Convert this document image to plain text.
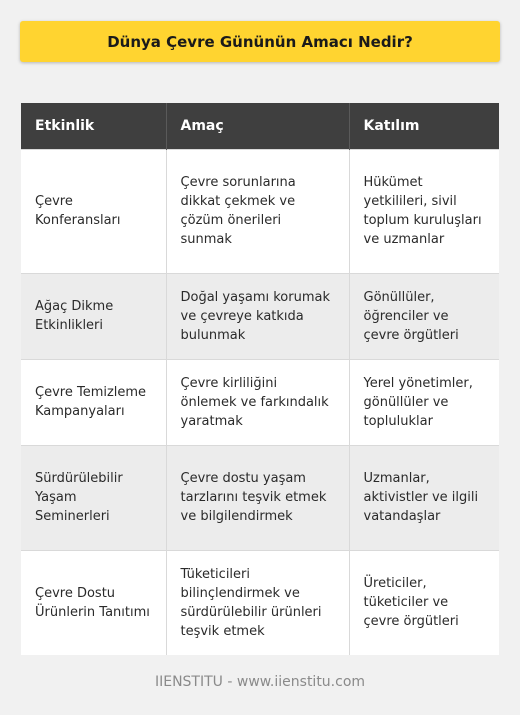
Dünya Çevre Gününün Amacı Nedir?
Etkinlik	Amaç	Katılım
Çevre Konferansları	Çevre sorunlarına dikkat çekmek ve çözüm önerileri sunmak	Hükümet yetkilileri, sivil toplum kuruluşları ve uzmanlar
Ağaç Dikme Etkinlikleri	Doğal yaşamı korumak ve çevreye katkıda bulunmak	Gönüllüler, öğrenciler ve çevre örgütleri
Çevre Temizleme Kampanyaları	Çevre kirliliğini önlemek ve farkındalık yaratmak	Yerel yönetimler, gönüllüler ve topluluklar
Sürdürülebilir Yaşam Seminerleri	Çevre dostu yaşam tarzlarını teşvik etmek ve bilgilendirmek	Uzmanlar, aktivistler ve ilgili vatandaşlar
Çevre Dostu Ürünlerin Tanıtımı	Tüketicileri bilinçlendirmek ve sürdürülebilir ürünleri teşvik etmek	Üreticiler, tüketiciler ve çevre örgütleri
IIENSTITU - www.iienstitu.com
